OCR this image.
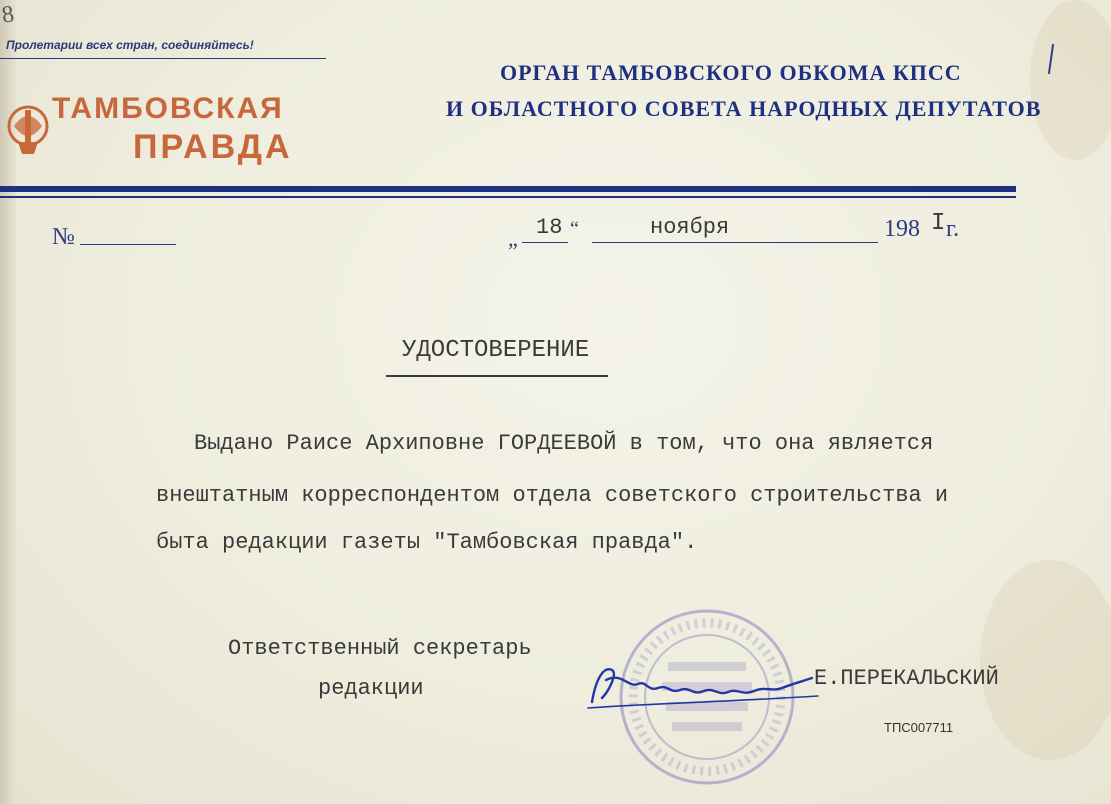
8
Пролетарии всех стран, соединяйтесь!
ТАМБОВСКАЯ
ПРАВДА
ОРГАН ТАМБОВСКОГО ОБКОМА КПСС
И ОБЛАСТНОГО СОВЕТА НАРОДНЫХ ДЕПУТАТОВ
№	„ 18 “	ноября	198 I г.
УДОСТОВЕРЕНИЕ
Выдано Раисе Архиповне ГОРДЕЕВОЙ в том, что она является
внештатным корреспондентом отдела советского строительства и
быта редакции газеты "Тамбовская правда".
Ответственный секретарь
редакции	Е.ПЕРЕКАЛЬСКИЙ
ТПС007711
